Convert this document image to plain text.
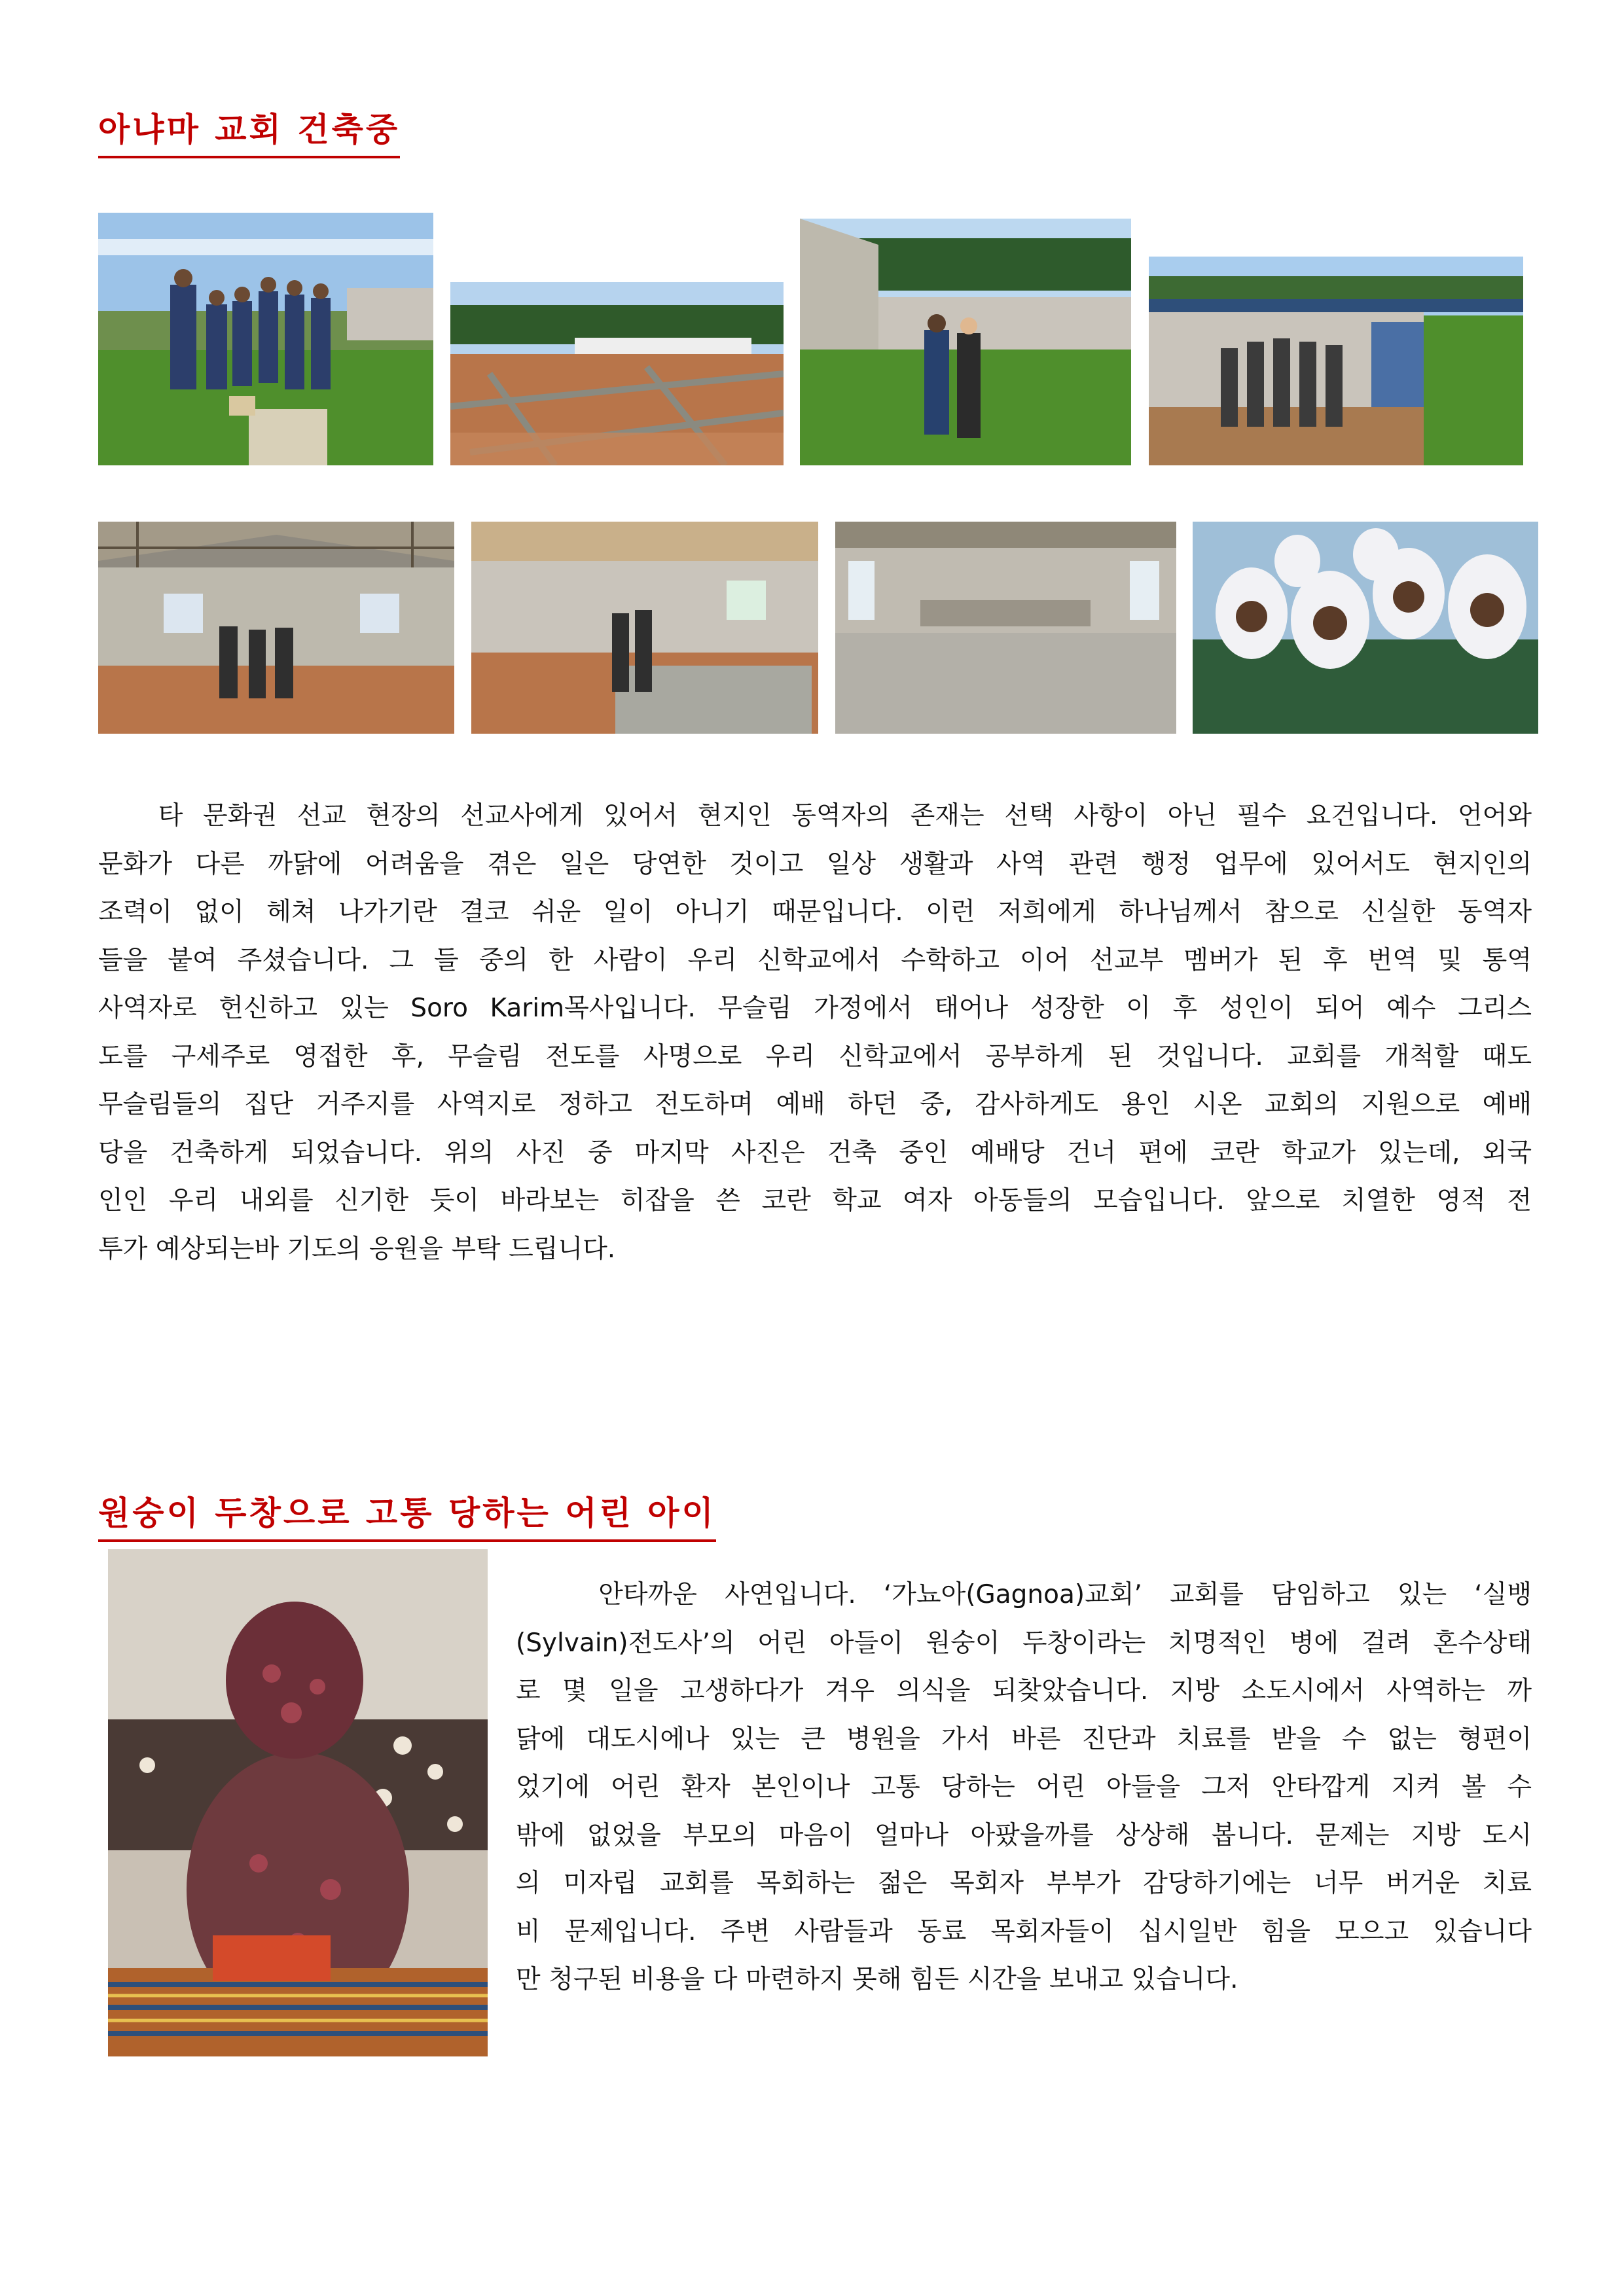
아냐마 교회 건축중
타 문화권 선교 현장의 선교사에게 있어서 현지인 동역자의 존재는 선택 사항이 아닌 필수 요건입니다. 언어와
문화가 다른 까닭에 어려움을 겪은 일은 당연한 것이고 일상 생활과 사역 관련 행정 업무에 있어서도 현지인의
조력이 없이 헤쳐 나가기란 결코 쉬운 일이 아니기 때문입니다. 이런 저희에게 하나님께서 참으로 신실한 동역자
들을 붙여 주셨습니다. 그 들 중의 한 사람이 우리 신학교에서 수학하고 이어 선교부 멤버가 된 후 번역 및 통역
사역자로 헌신하고 있는 Soro Karim목사입니다. 무슬림 가정에서 태어나 성장한 이 후 성인이 되어 예수 그리스
도를 구세주로 영접한 후, 무슬림 전도를 사명으로 우리 신학교에서 공부하게 된 것입니다. 교회를 개척할 때도
무슬림들의 집단 거주지를 사역지로 정하고 전도하며 예배 하던 중, 감사하게도 용인 시온 교회의 지원으로 예배
당을 건축하게 되었습니다. 위의 사진 중 마지막 사진은 건축 중인 예배당 건너 편에 코란 학교가 있는데, 외국
인인 우리 내외를 신기한 듯이 바라보는 히잡을 쓴 코란 학교 여자 아동들의 모습입니다. 앞으로 치열한 영적 전
투가 예상되는바 기도의 응원을 부탁 드립니다.
원숭이 두창으로 고통 당하는 어린 아이
안타까운 사연입니다. ‘가뇨아(Gagnoa)교회’ 교회를 담임하고 있는 ‘실뱅
(Sylvain)전도사’의 어린 아들이 원숭이 두창이라는 치명적인 병에 걸려 혼수상태
로 몇 일을 고생하다가 겨우 의식을 되찾았습니다. 지방 소도시에서 사역하는 까
닭에 대도시에나 있는 큰 병원을 가서 바른 진단과 치료를 받을 수 없는 형편이
었기에 어린 환자 본인이나 고통 당하는 어린 아들을 그저 안타깝게 지켜 볼 수
밖에 없었을 부모의 마음이 얼마나 아팠을까를 상상해 봅니다. 문제는 지방 도시
의 미자립 교회를 목회하는 젊은 목회자 부부가 감당하기에는 너무 버거운 치료
비 문제입니다. 주변 사람들과 동료 목회자들이 십시일반 힘을 모으고 있습니다
만 청구된 비용을 다 마련하지 못해 힘든 시간을 보내고 있습니다.
